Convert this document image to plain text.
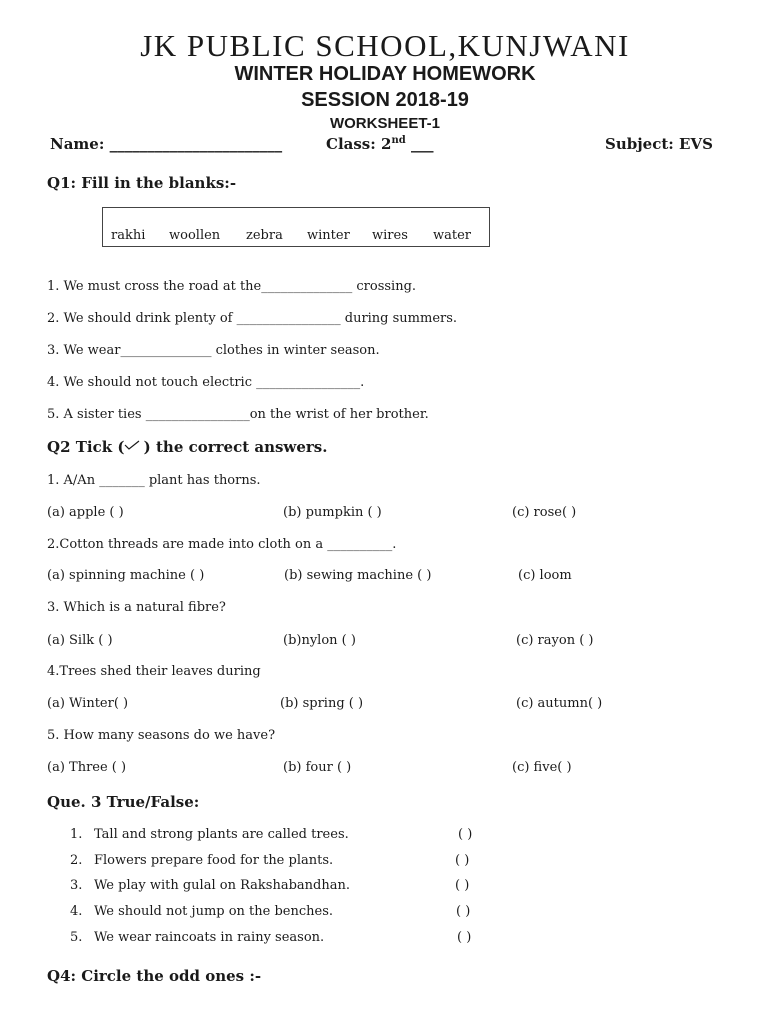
JK PUBLIC SCHOOL,KUNJWANI
WINTER HOLIDAY HOMEWORK
SESSION 2018-19
WORKSHEET-1
Name: _______________________	Class: 2nd ___	Subject: EVS
Q1: Fill in the blanks:-
rakhi woollen zebra winter wires water
1. We must cross the road at the______________ crossing.
2. We should drink plenty of ________________ during summers.
3. We wear______________ clothes in winter season.
4. We should not touch electric ________________.
5. A sister ties ________________on the wrist of her brother.
Q2 Tick (
) the correct answers.
1. A/An _______ plant has thorns.
(a) apple ( )	(b) pumpkin ( )	(c) rose( )
2.Cotton threads are made into cloth on a __________.
(a) spinning machine ( )	(b) sewing machine ( )	(c) loom
3. Which is a natural fibre?
(a) Silk ( )	(b)nylon ( )	(c) rayon ( )
4.Trees shed their leaves during
(a) Winter( )	(b) spring ( )	(c) autumn( )
5. How many seasons do we have?
(a) Three ( )	(b) four ( )	(c) five( )
Que. 3 True/False:
1. Tall and strong plants are called trees.	( )
2. Flowers prepare food for the plants.	( )
3. We play with gulal on Rakshabandhan.	( )
4. We should not jump on the benches.	( )
5. We wear raincoats in rainy season.	( )
Q4: Circle the odd ones :-
